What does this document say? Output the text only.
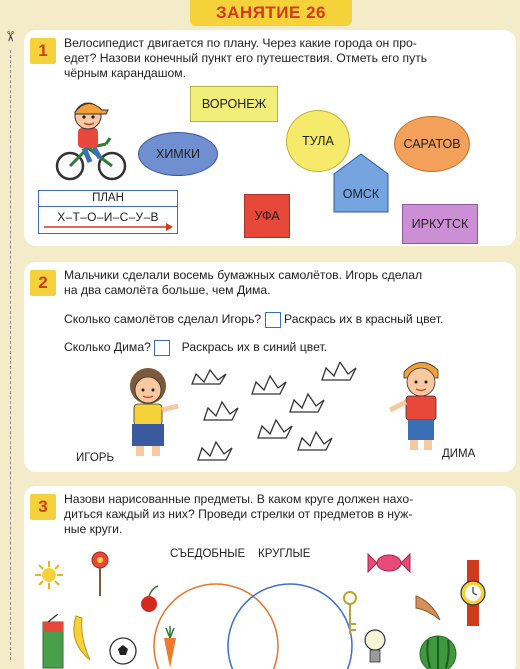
ЗАНЯТИЕ 26
✂
1	Велосипедист двигается по плану. Через какие города он про-
едет? Назови конечный пункт его путешествия. Отметь его путь
чёрным карандашом.
ПЛАН
Х–Т–О–И–С–У–В
ВОРОНЕЖ
ХИМКИ
ТУЛА	САРАТОВ
ОМСК
УФА
ИРКУТСК
2	Мальчики сделали восемь бумажных самолётов. Игорь сделал
на два самолёта больше, чем Дима.
Сколько самолётов сделал Игорь? Раскрась их в красный цвет.
Сколько Дима?	Раскрась их в синий цвет.
ИГОРЬ	ДИМА
3	Назови нарисованные предметы. В каком круге должен нахо-
диться каждый из них? Проведи стрелки от предметов в нуж-
ные круги.
СЪЕДОБНЫЕ КРУГЛЫЕ
